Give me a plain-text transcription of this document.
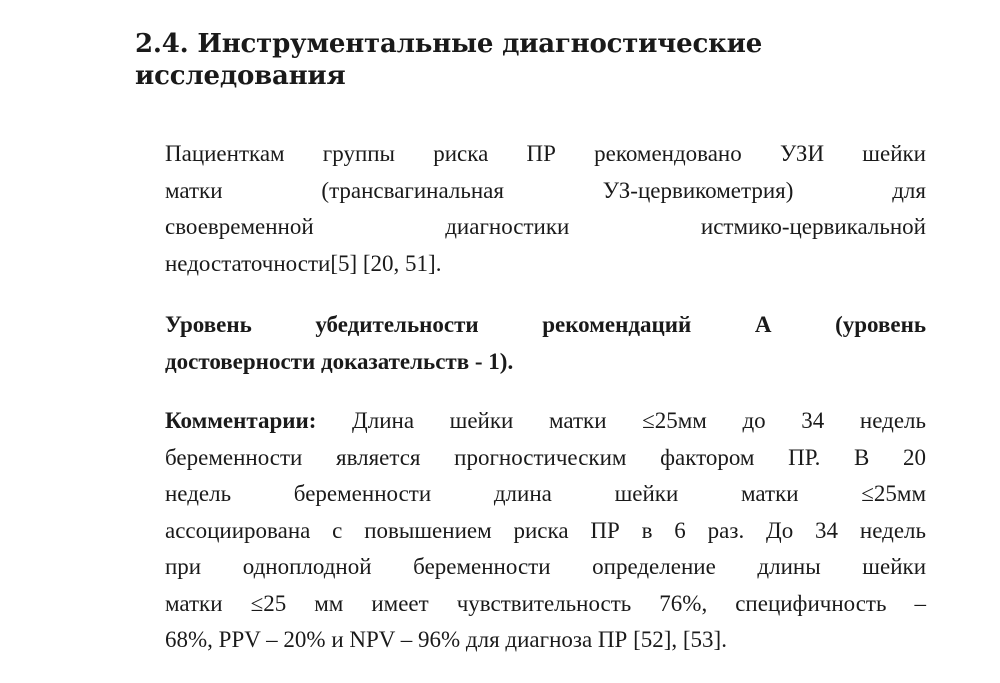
2.4. Инструментальные диагностические
исследования

Пациенткам группы риска ПР рекомендовано УЗИ шейки
матки (трансвагинальная УЗ-цервикометрия) для
своевременной диагностики истмико-цервикальной
недостаточности[5] [20, 51].

Уровень убедительности рекомендаций А (уровень
достоверности доказательств - 1).

Комментарии: Длина шейки матки ≤25мм до 34 недель
беременности является прогностическим фактором ПР. В 20
недель беременности длина шейки матки ≤25мм
ассоциирована с повышением риска ПР в 6 раз. До 34 недель
при одноплодной беременности определение длины шейки
матки ≤25 мм имеет чувствительность 76%, специфичность –
68%, PPV – 20% и NPV – 96% для диагноза ПР [52], [53].
